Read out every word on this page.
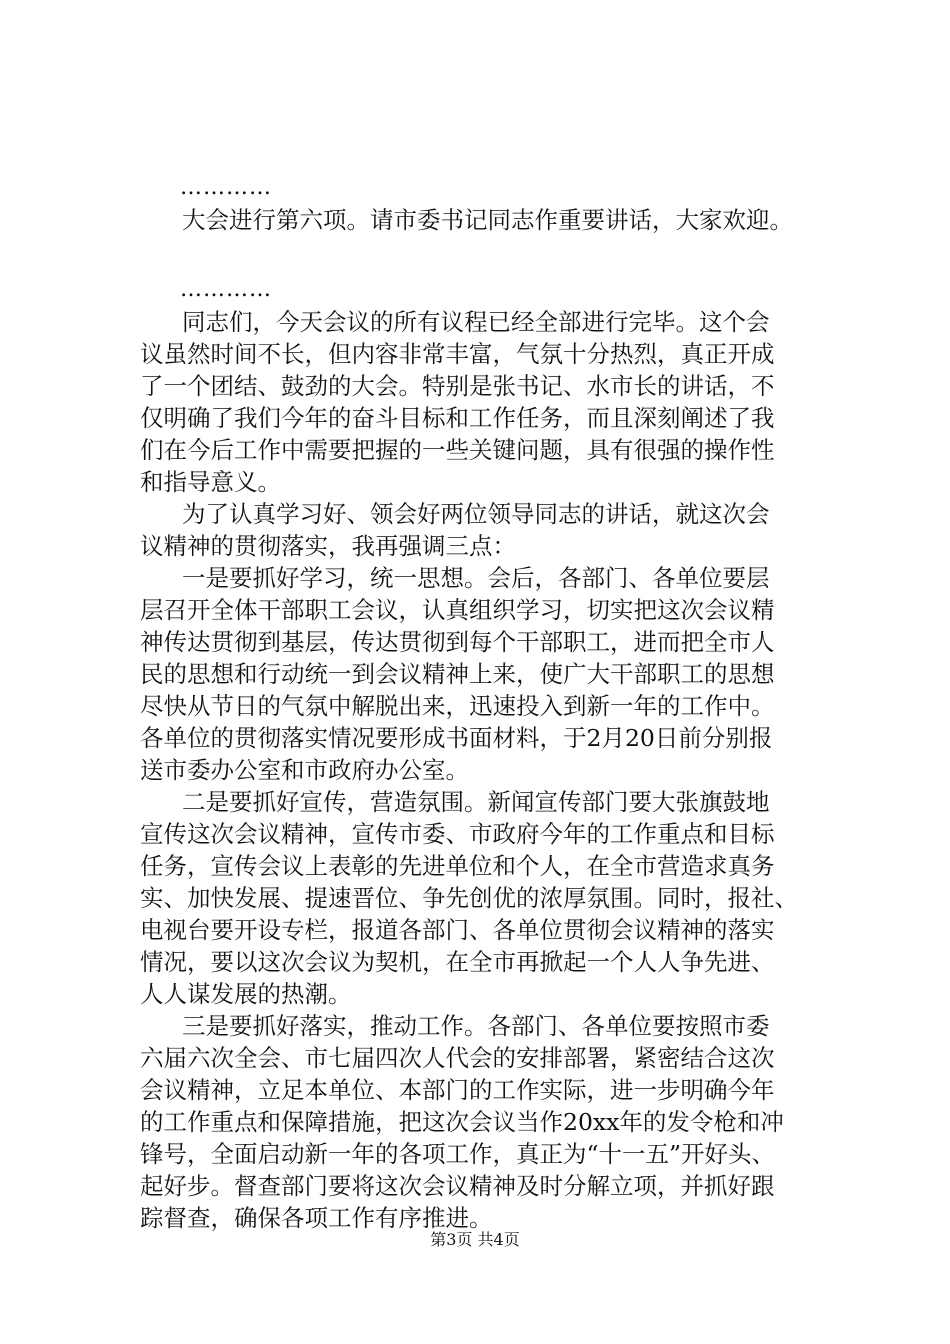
…………
大会进行第六项。请市委书记同志作重要讲话，大家欢迎。
…………
同志们，今天会议的所有议程已经全部进行完毕。这个会
议虽然时间不长，但内容非常丰富，气氛十分热烈，真正开成
了一个团结、鼓劲的大会。特别是张书记、水市长的讲话，不
仅明确了我们今年的奋斗目标和工作任务，而且深刻阐述了我
们在今后工作中需要把握的一些关键问题，具有很强的操作性
和指导意义。
为了认真学习好、领会好两位领导同志的讲话，就这次会
议精神的贯彻落实，我再强调三点：
一是要抓好学习，统一思想。会后，各部门、各单位要层
层召开全体干部职工会议，认真组织学习，切实把这次会议精
神传达贯彻到基层，传达贯彻到每个干部职工，进而把全市人
民的思想和行动统一到会议精神上来，使广大干部职工的思想
尽快从节日的气氛中解脱出来，迅速投入到新一年的工作中。
各单位的贯彻落实情况要形成书面材料，于2月20日前分别报
送市委办公室和市政府办公室。
二是要抓好宣传，营造氛围。新闻宣传部门要大张旗鼓地
宣传这次会议精神，宣传市委、市政府今年的工作重点和目标
任务，宣传会议上表彰的先进单位和个人，在全市营造求真务
实、加快发展、提速晋位、争先创优的浓厚氛围。同时，报社、
电视台要开设专栏，报道各部门、各单位贯彻会议精神的落实
情况，要以这次会议为契机，在全市再掀起一个人人争先进、
人人谋发展的热潮。
三是要抓好落实，推动工作。各部门、各单位要按照市委
六届六次全会、市七届四次人代会的安排部署，紧密结合这次
会议精神，立足本单位、本部门的工作实际，进一步明确今年
的工作重点和保障措施，把这次会议当作20xx年的发令枪和冲
锋号，全面启动新一年的各项工作，真正为“十一五”开好头、
起好步。督查部门要将这次会议精神及时分解立项，并抓好跟
踪督查，确保各项工作有序推进。
第3页 共4页
